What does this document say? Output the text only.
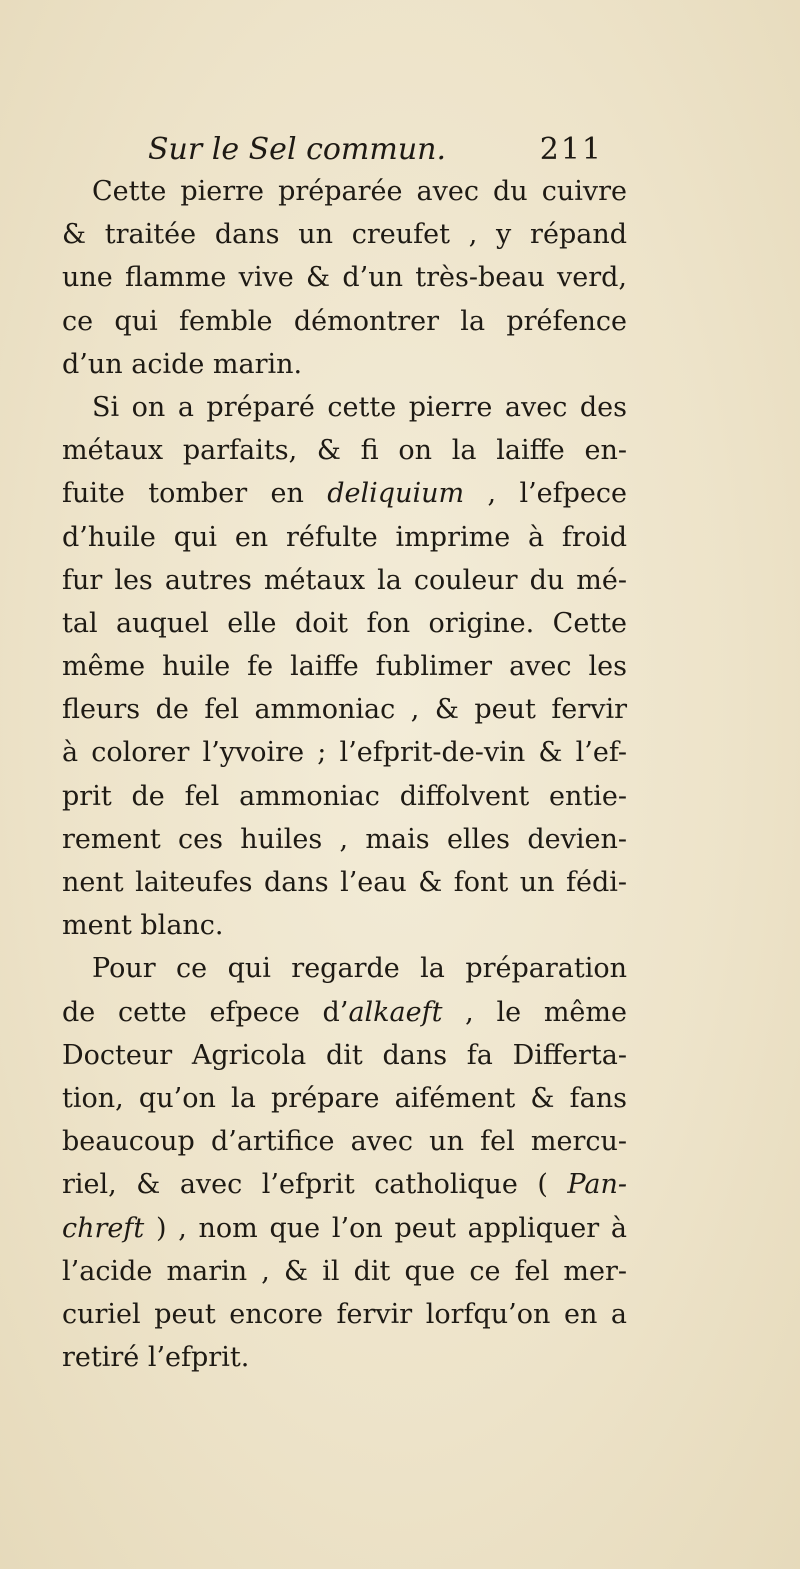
Sur le Sel commun.	211
Cette pierre préparée avec du cuivre
& traitée dans un creufet , y répand
une flamme vive & d’un très-beau verd,
ce qui femble démontrer la préfence
d’un acide marin.
Si on a préparé cette pierre avec des
métaux parfaits, & fi on la laiffe en-
fuite tomber en deliquium , l’efpece
d’huile qui en réfulte imprime à froid
fur les autres métaux la couleur du mé-
tal auquel elle doit fon origine. Cette
même huile fe laiffe fublimer avec les
fleurs de fel ammoniac , & peut fervir
à colorer l’yvoire ; l’efprit-de-vin & l’ef-
prit de fel ammoniac diffolvent entie-
rement ces huiles , mais elles devien-
nent laiteufes dans l’eau & font un fédi-
ment blanc.
Pour ce qui regarde la préparation
de cette efpece d’alkaeft , le même
Docteur Agricola dit dans fa Differta-
tion, qu’on la prépare aifément & fans
beaucoup d’artifice avec un fel mercu-
riel, & avec l’efprit catholique ( Pan-
chreft ) , nom que l’on peut appliquer à
l’acide marin , & il dit que ce fel mer-
curiel peut encore fervir lorfqu’on en a
retiré l’efprit.
